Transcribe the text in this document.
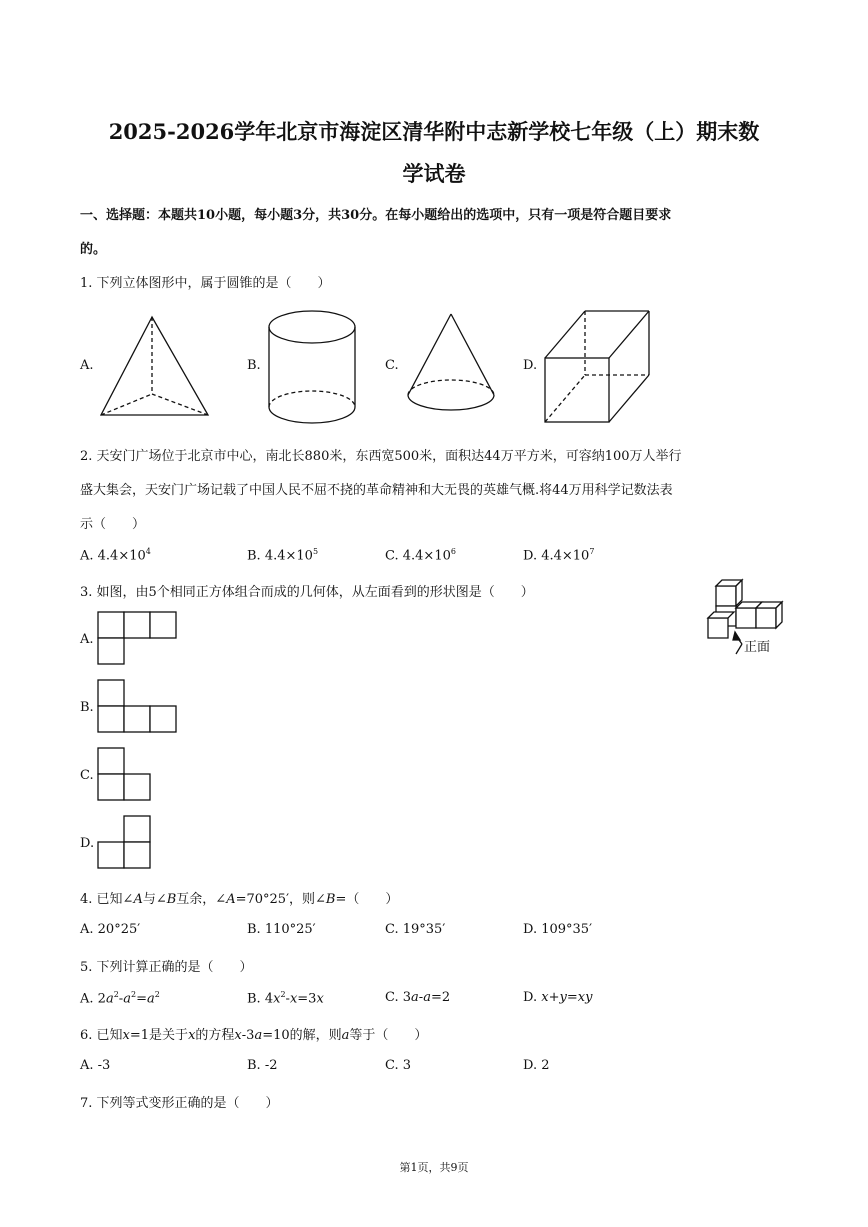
2025-2026学年北京市海淀区清华附中志新学校七年级（上）期末数
学试卷
一、选择题：本题共10小题，每小题3分，共30分。在每小题给出的选项中，只有一项是符合题目要求
的。
1. 下列立体图形中，属于圆锥的是（　　）
A.	B.	C.	D.
2. 天安门广场位于北京市中心，南北长880米，东西宽500米，面积达44万平方米，可容纳100万人举行
盛大集会，天安门广场记载了中国人民不屈不挠的革命精神和大无畏的英雄气概.将44万用科学记数法表
示（　　）
A. $4.4\times 10^4$	B. $4.4\times 10^5$	C. $4.4\times 10^6$	D. $4.4\times 10^7$
3. 如图，由5个相同正方体组合而成的几何体，从左面看到的形状图是（　　）
正面
A.
B.
C.
D.
4. 已知∠A与∠B互余，∠A=70°25′，则∠B=（　　）
A. 20°25′	B. 110°25′	C. 19°35′	D. 109°35′
5. 下列计算正确的是（　　）
A. $2a^2-a^2=a^2$	B. $4x^2-x=3x$	C. 3a-a=2	D. x+y=xy
6. 已知x=1是关于x的方程x-3a=10的解，则a等于（　　）
A. -3	B. -2	C. 3	D. 2
7. 下列等式变形正确的是（　　）
第1页，共9页
